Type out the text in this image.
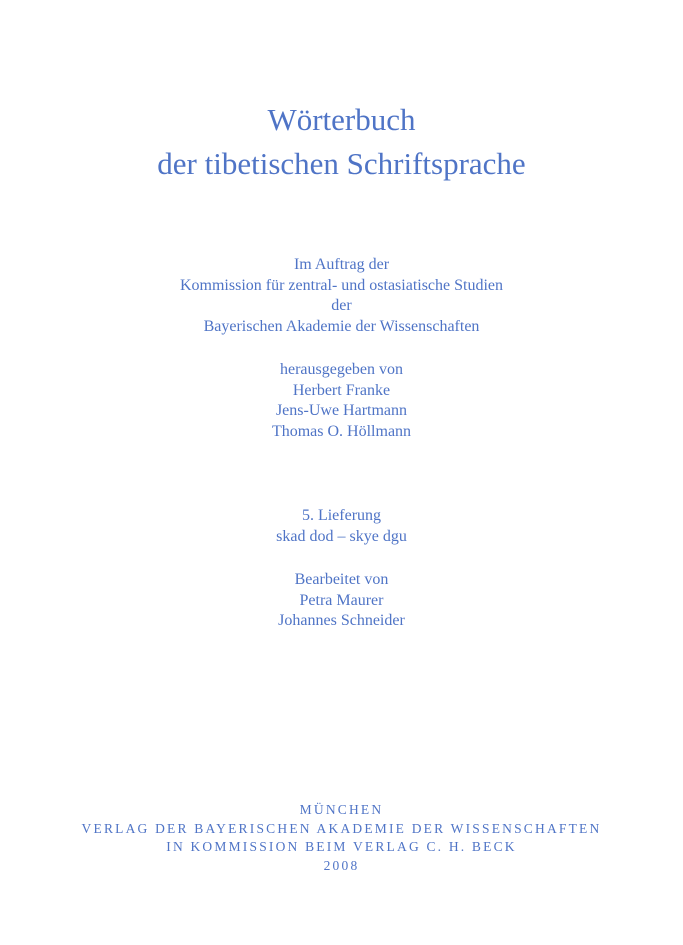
Wörterbuch
der tibetischen Schriftsprache
Im Auftrag der
Kommission für zentral- und ostasiatische Studien
der
Bayerischen Akademie der Wissenschaften
herausgegeben von
Herbert Franke
Jens-Uwe Hartmann
Thomas O. Höllmann
5. Lieferung
skad dod – skye dgu
Bearbeitet von
Petra Maurer
Johannes Schneider
MÜNCHEN
VERLAG DER BAYERISCHEN AKADEMIE DER WISSENSCHAFTEN
IN KOMMISSION BEIM VERLAG C. H. BECK
2008
